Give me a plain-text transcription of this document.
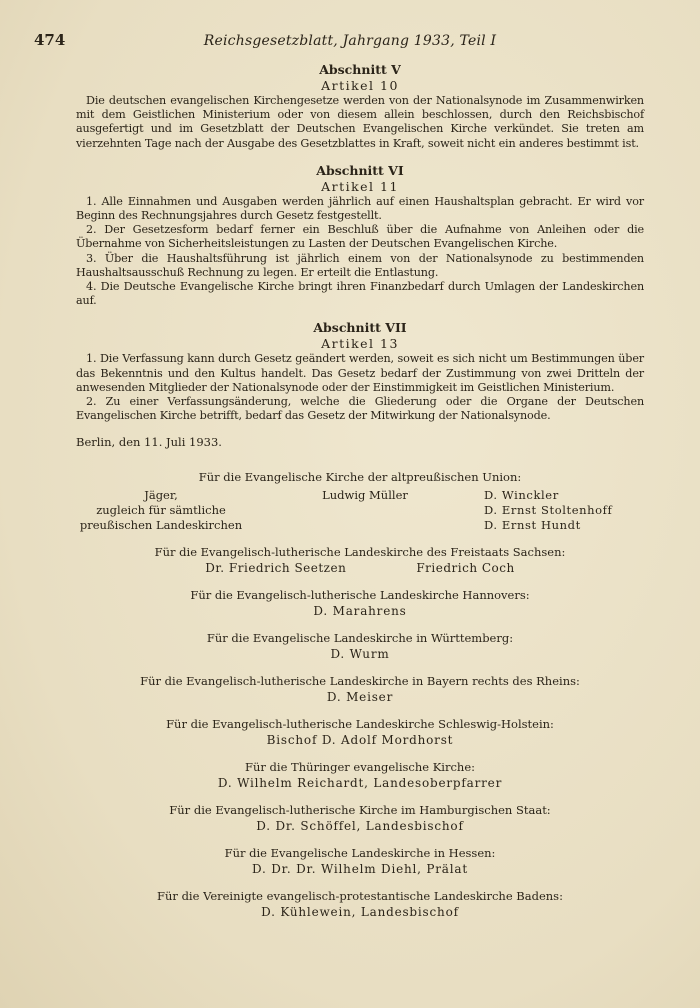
474	Reichsgesetzblatt, Jahrgang 1933, Teil I
Abschnitt V
Artikel 10

Die deutschen evangelischen Kirchengesetze werden von der Nationalsynode im Zusammenwirken mit dem Geistlichen Ministerium oder von diesem allein beschlossen, durch den Reichsbischof ausgefertigt und im Gesetzblatt der Deutschen Evangelischen Kirche verkündet. Sie treten am vierzehnten Tage nach der Ausgabe des Gesetzblattes in Kraft, soweit nicht ein anderes bestimmt ist.

Abschnitt VI
Artikel 11

1. Alle Einnahmen und Ausgaben werden jährlich auf einen Haushaltsplan gebracht. Er wird vor Beginn des Rechnungsjahres durch Gesetz festgestellt.

2. Der Gesetzesform bedarf ferner ein Beschluß über die Aufnahme von Anleihen oder die Übernahme von Sicherheitsleistungen zu Lasten der Deutschen Evangelischen Kirche.

3. Über die Haushaltsführung ist jährlich einem von der Nationalsynode zu bestimmenden Haushaltsausschuß Rechnung zu legen. Er erteilt die Entlastung.

4. Die Deutsche Evangelische Kirche bringt ihren Finanzbedarf durch Umlagen der Landeskirchen auf.

Abschnitt VII
Artikel 13

1. Die Verfassung kann durch Gesetz geändert werden, soweit es sich nicht um Bestimmungen über das Bekenntnis und den Kultus handelt. Das Gesetz bedarf der Zustimmung von zwei Dritteln der anwesenden Mitglieder der Nationalsynode oder der Einstimmigkeit im Geistlichen Ministerium.

2. Zu einer Verfassungsänderung, welche die Gliederung oder die Organe der Deutschen Evangelischen Kirche betrifft, bedarf das Gesetz der Mitwirkung der Nationalsynode.

Berlin, den 11. Juli 1933.
Für die Evangelische Kirche der altpreußischen Union:
Jäger,
zugleich für sämtliche
preußischen Landeskirchen
Ludwig Müller	D. Winckler
D. Ernst Stoltenhoff
D. Ernst Hundt
Für die Evangelisch-lutherische Landeskirche des Freistaats Sachsen:
Dr. Friedrich Seetzen	Friedrich Coch
Für die Evangelisch-lutherische Landeskirche Hannovers:
D. Marahrens
Für die Evangelische Landeskirche in Württemberg:
D. Wurm
Für die Evangelisch-lutherische Landeskirche in Bayern rechts des Rheins:
D. Meiser
Für die Evangelisch-lutherische Landeskirche Schleswig-Holstein:
Bischof D. Adolf Mordhorst
Für die Thüringer evangelische Kirche:
D. Wilhelm Reichardt, Landesoberpfarrer
Für die Evangelisch-lutherische Kirche im Hamburgischen Staat:
D. Dr. Schöffel, Landesbischof
Für die Evangelische Landeskirche in Hessen:
D. Dr. Dr. Wilhelm Diehl, Prälat
Für die Vereinigte evangelisch-protestantische Landeskirche Badens:
D. Kühlewein, Landesbischof
